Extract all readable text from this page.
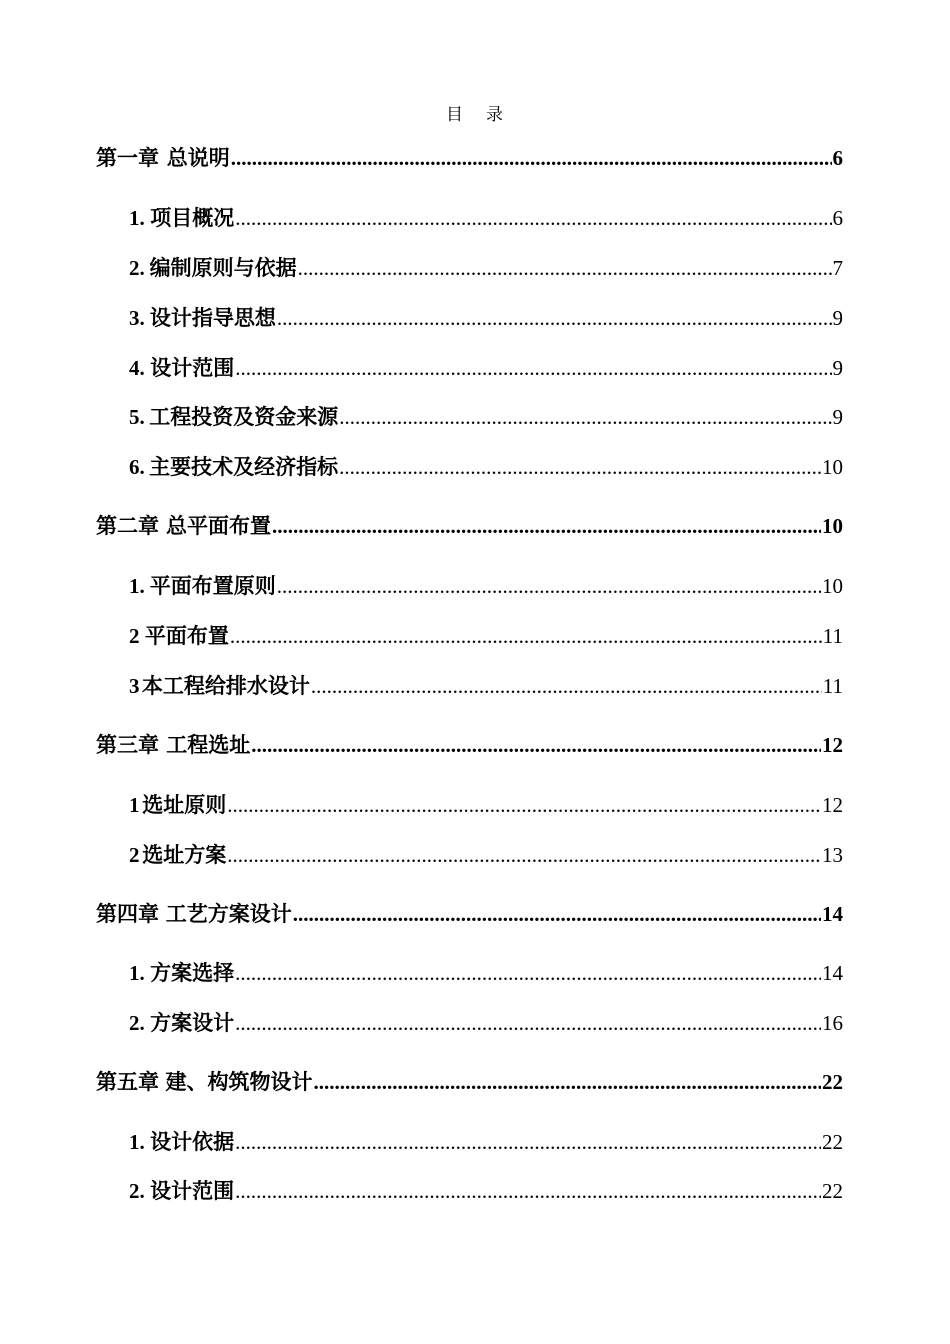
目 录
第一章 总说明 .....	6
1. 项目概况 .....	6
2. 编制原则与依据 .....	7
3. 设计指导思想 .....	9
4. 设计范围 .....	9
5. 工程投资及资金来源 .....	9
6. 主要技术及经济指标 .....	10
第二章 总平面布置 .....	10
1. 平面布置原则 .....	10
2 平面布置 .....	11
3 本工程给排水设计 .....	11
第三章 工程选址 .....	12
1 选址原则 .....	12
2 选址方案 .....	13
第四章 工艺方案设计 .....	14
1. 方案选择 .....	14
2. 方案设计 .....	16
第五章 建、构筑物设计 .....	22
1. 设计依据 .....	22
2. 设计范围 .....	22
